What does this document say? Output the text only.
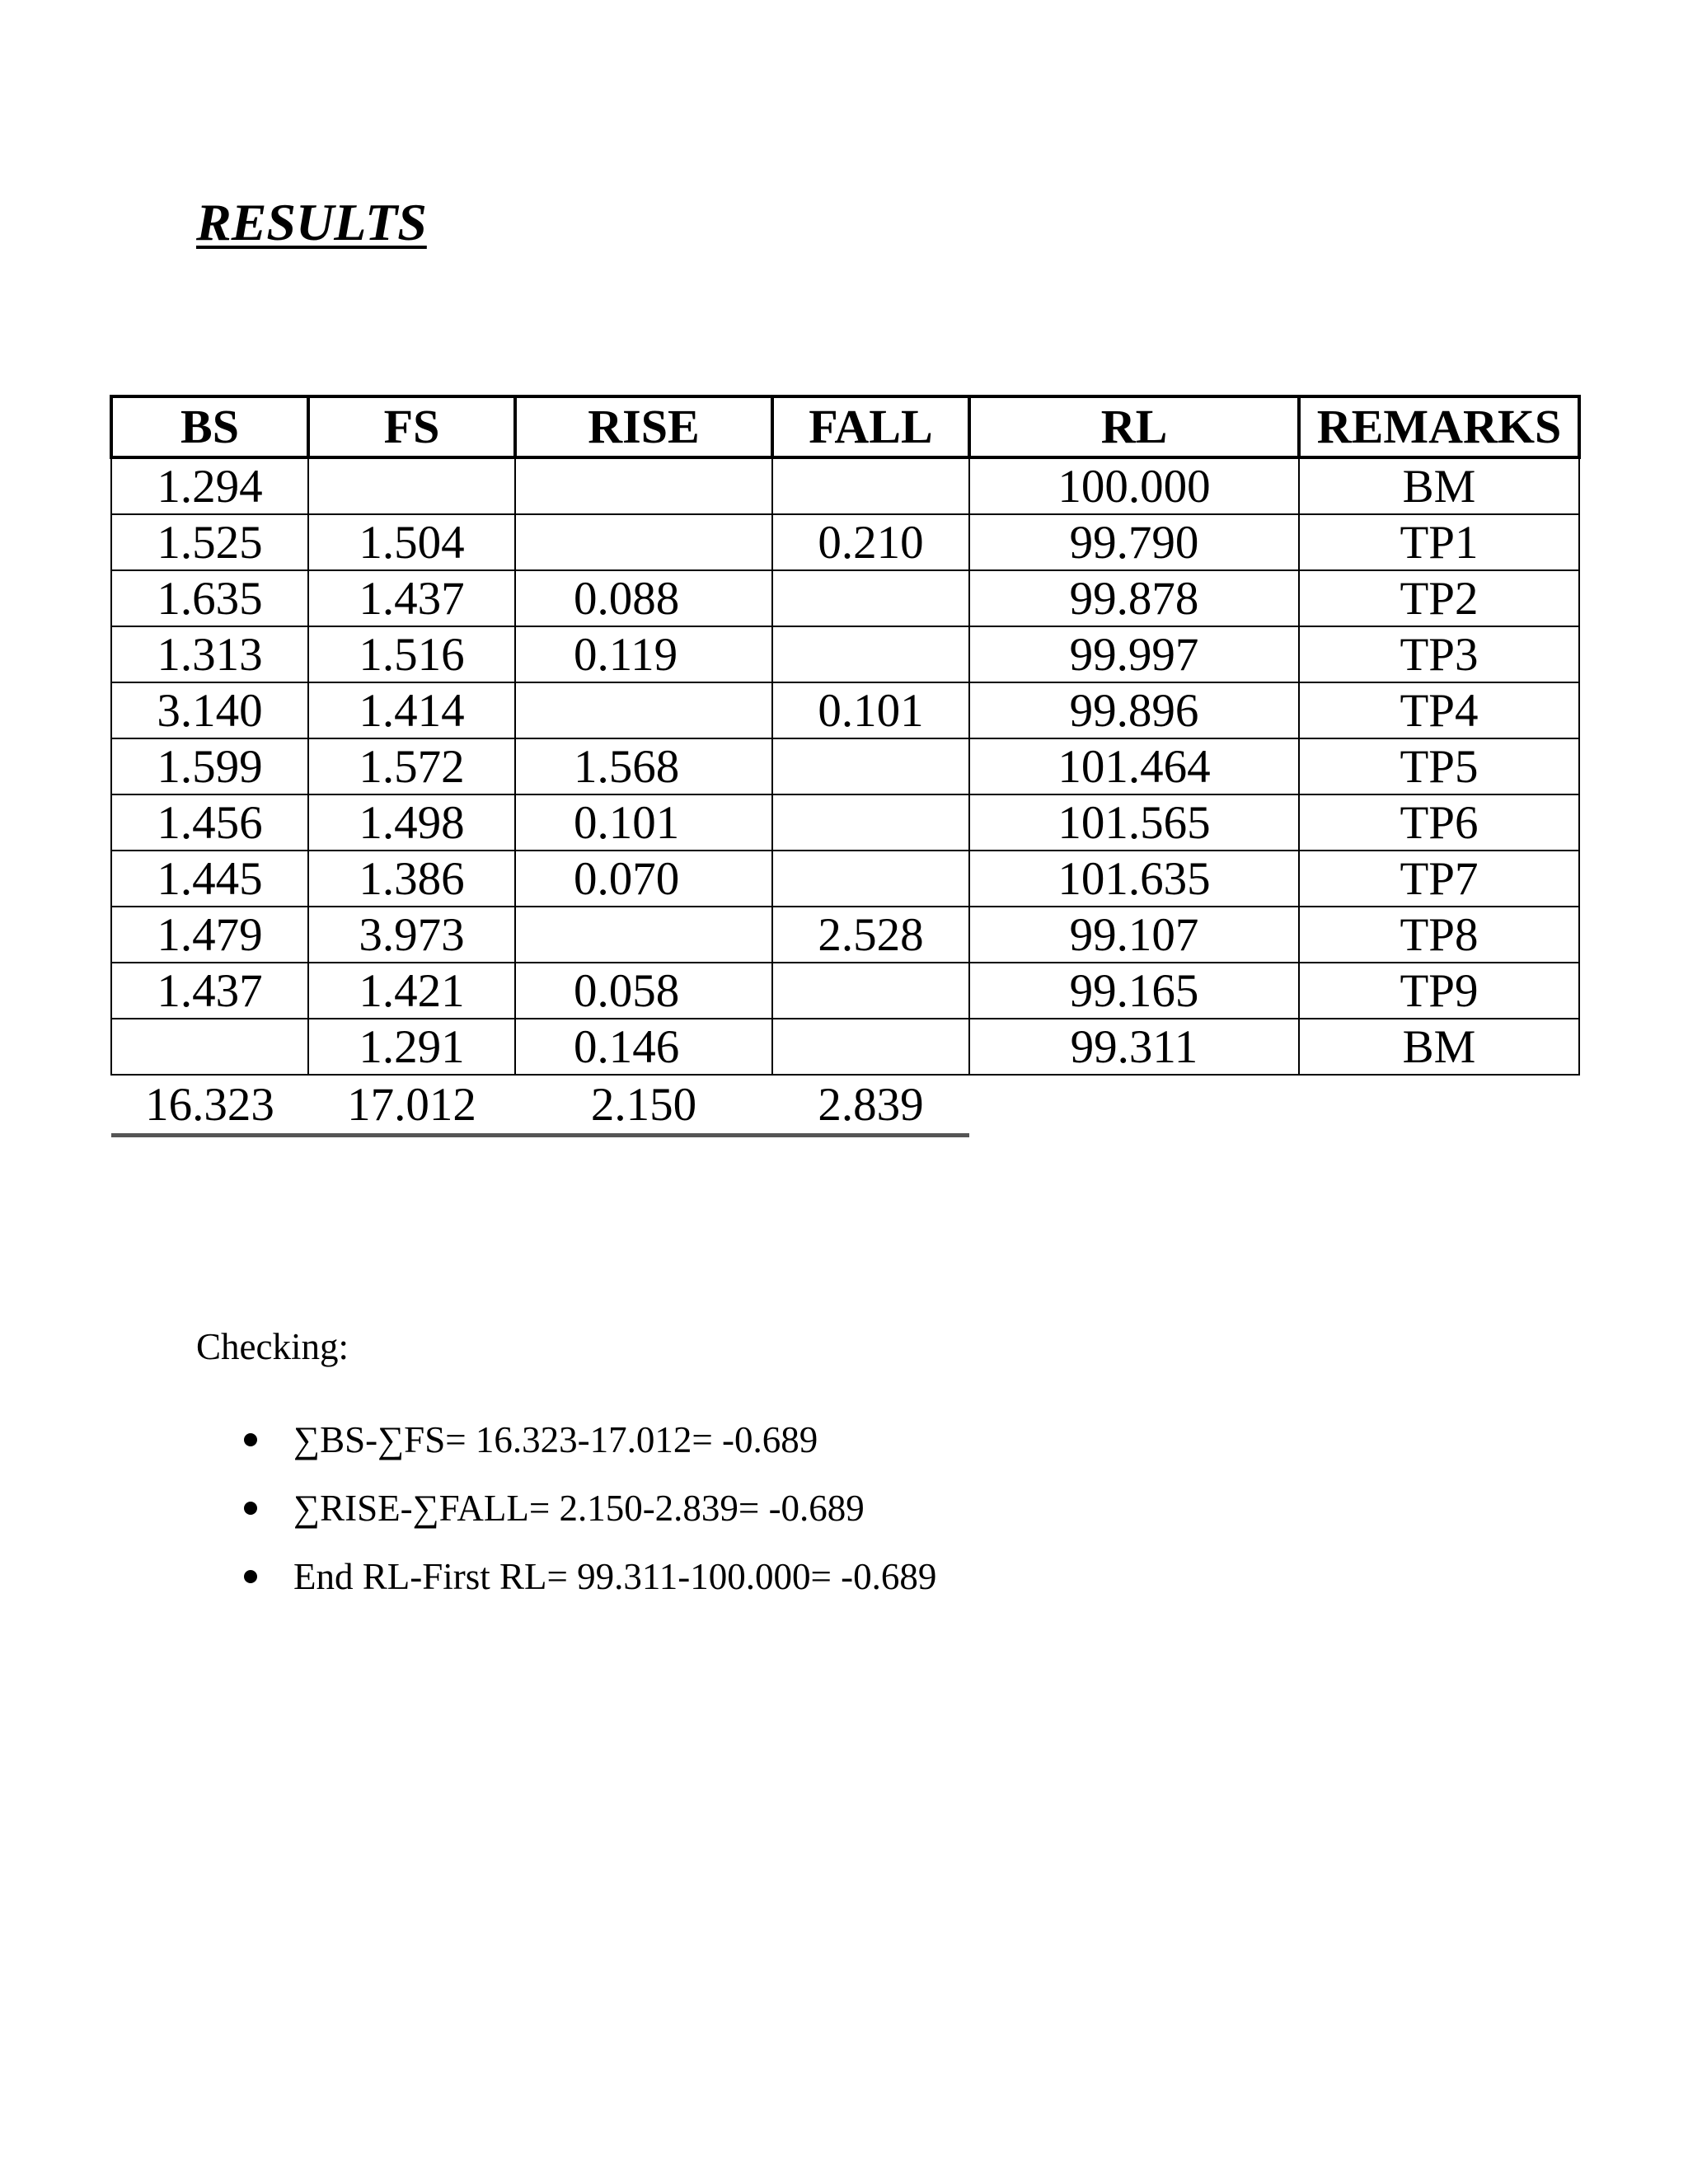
RESULTS
BS	FS	RISE	FALL	RL	REMARKS
1.294				100.000	BM
1.525	1.504		0.210	99.790	TP1
1.635	1.437	0.088		99.878	TP2
1.313	1.516	0.119		99.997	TP3
3.140	1.414		0.101	99.896	TP4
1.599	1.572	1.568		101.464	TP5
1.456	1.498	0.101		101.565	TP6
1.445	1.386	0.070		101.635	TP7
1.479	3.973		2.528	99.107	TP8
1.437	1.421	0.058		99.165	TP9
	1.291	0.146		99.311	BM
16.323	17.012	2.150	2.839		

Checking:

∑BS-∑FS= 16.323-17.012= -0.689
∑RISE-∑FALL= 2.150-2.839= -0.689
End RL-First RL= 99.311-100.000= -0.689
